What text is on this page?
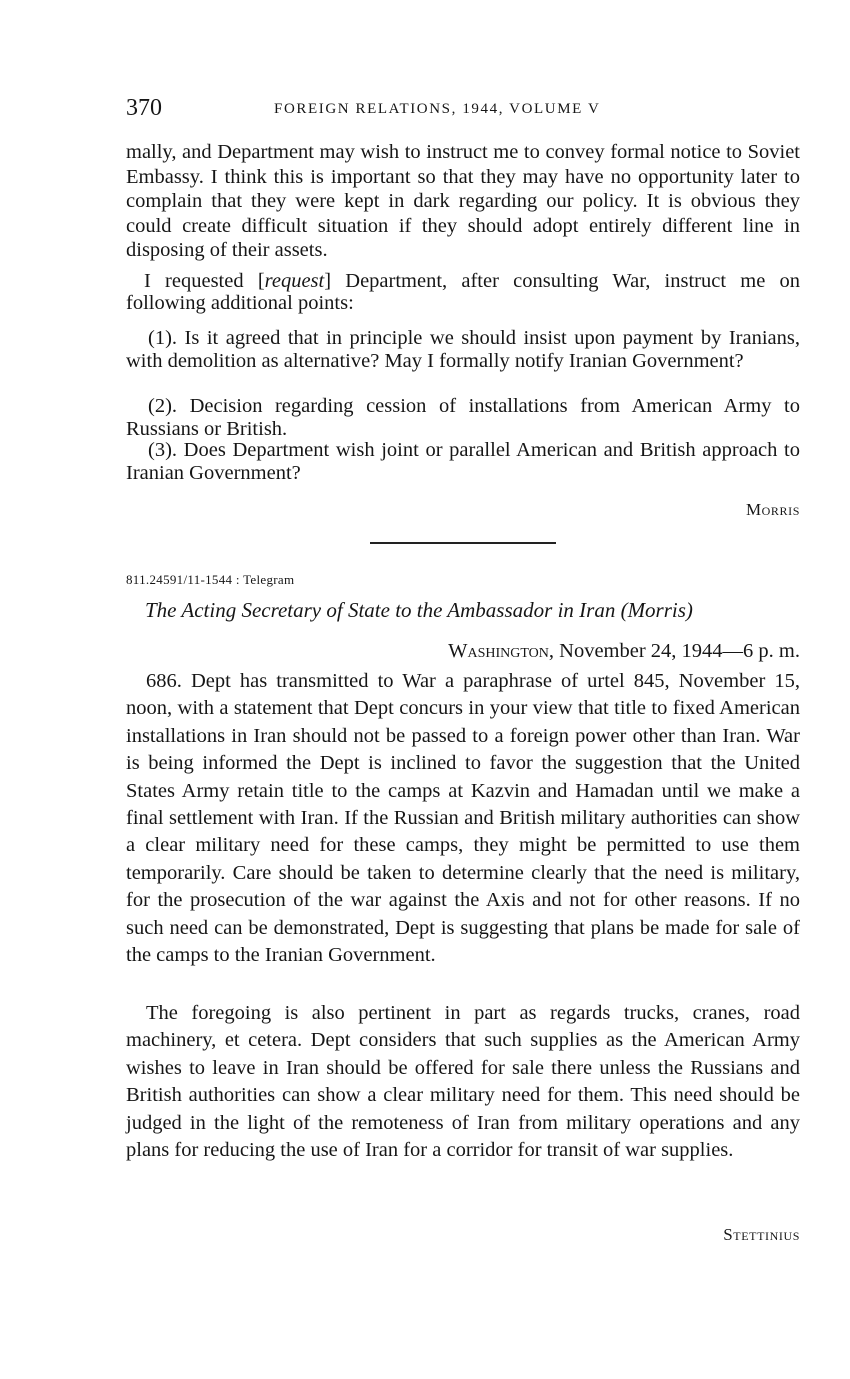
370	FOREIGN RELATIONS, 1944, VOLUME V

mally, and Department may wish to instruct me to convey formal notice to Soviet Embassy. I think this is important so that they may have no opportunity later to complain that they were kept in dark regarding our policy. It is obvious they could create difficult situation if they should adopt entirely different line in disposing of their assets.

I requested [request] Department, after consulting War, instruct me on following additional points:

(1). Is it agreed that in principle we should insist upon payment by Iranians, with demolition as alternative? May I formally notify Iranian Government?

(2). Decision regarding cession of installations from American Army to Russians or British.

(3). Does Department wish joint or parallel American and British approach to Iranian Government?

Morris
811.24591/11-1544 : Telegram
The Acting Secretary of State to the Ambassador in Iran (Morris)
Washington, November 24, 1944—6 p. m.

686. Dept has transmitted to War a paraphrase of urtel 845, November 15, noon, with a statement that Dept concurs in your view that title to fixed American installations in Iran should not be passed to a foreign power other than Iran. War is being informed the Dept is inclined to favor the suggestion that the United States Army retain title to the camps at Kazvin and Hamadan until we make a final settlement with Iran. If the Russian and British military authorities can show a clear military need for these camps, they might be permitted to use them temporarily. Care should be taken to determine clearly that the need is military, for the prosecution of the war against the Axis and not for other reasons. If no such need can be demonstrated, Dept is suggesting that plans be made for sale of the camps to the Iranian Government.

The foregoing is also pertinent in part as regards trucks, cranes, road machinery, et cetera. Dept considers that such supplies as the American Army wishes to leave in Iran should be offered for sale there unless the Russians and British authorities can show a clear military need for them. This need should be judged in the light of the remoteness of Iran from military operations and any plans for reducing the use of Iran for a corridor for transit of war supplies.

Stettinius
